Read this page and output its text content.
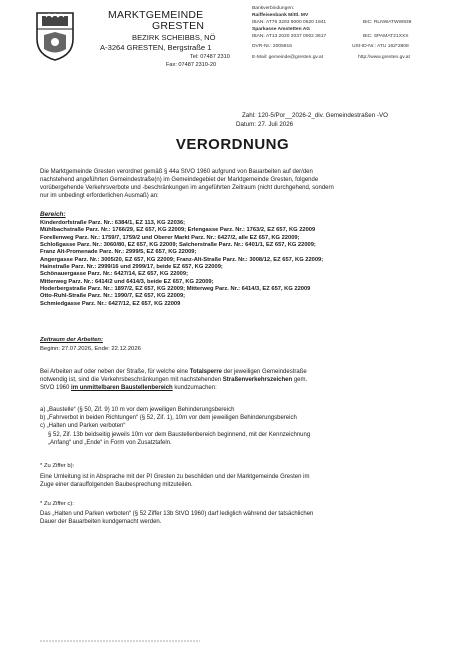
MARKTGEMEINDE
GRESTEN
BEZIRK SCHEIBBS, NÖ
A-3264 GRESTEN, Bergstraße 1
Tel: 07487 2310
Fax: 07487 2310-20
Bankverbindungen:
Raiffeisenbank Mittl. MV
IBAN: AT76 3293 9000 0620 1941	BIC: RLNWATWW939
Sparkasse Amstetten AG
IBAN: AT13 2020 2037 0002 3617	BIC: SPAMAT21XXX
DVR-Nr.: 2005816	USt-ID-Nr.: ATU 162*2808
E-Mail: gemeinde@gresten.gv.at	http://www.gresten.gv.at
Zahl: 120-5/Por__2026-2_div. Gemeindestraßen -VO
Datum: 27. Juli 2026
VERORDNUNG
Die Marktgemeinde Gresten verordnet gemäß § 44a StVO 1960 aufgrund von Bauarbeiten auf der/den
nachstehend angeführten Gemeindestraße(n) im Gemeindegebiet der Marktgemeinde Gresten, folgende
vorübergehende Verkehrsverbote und -beschränkungen im angeführten Zeitraum (nicht durchgehend, sondern
nur im unbedingt erforderlichen Ausmaß) an:
Bereich:
Kinderdorfstraße Parz. Nr.: 6384/1, EZ 113, KG 22036;
Mühlbachstraße Parz. Nr.: 1766/29, EZ 657, KG 22009; Erlengasse Parz. Nr.: 1763/2, EZ 657, KG 22009
Forellenweg Parz. Nr.: 1759/7, 1759/2 und Oberer Markt Parz. Nr.: 6427/2, alle EZ 657, KG 22009;
Schloßgasse Parz. Nr.: 3060/80, EZ 657, KG 22009; Salcherstraße Parz. Nr.: 6401/1, EZ 657, KG 22009;
Franz Alt-Promenade Parz. Nr.: 2999/5, EZ 657, KG 22009;
Angergasse Parz. Nr.: 3005/20, EZ 657, KG 22009; Franz-Alt-Straße Parz. Nr.: 3008/12, EZ 657, KG 22009;
Hainstraße Parz. Nr.: 2999/16 und 2999/17, beide EZ 657, KG 22009;
Schönauergasse Parz. Nr.: 6427/14, EZ 657, KG 22009;
Mitterweg Parz. Nr.: 6414/2 und 6414/3, beide EZ 657, KG 22009;
Hoderbergstraße Parz. Nr.: 1897/2, EZ 657, KG 22009; Mitterweg Parz. Nr.: 6414/3, EZ 657, KG 22009
Otto-Ruhl-Straße Parz. Nr.: 1990/7, EZ 657, KG 22009;
Schmiedgasse Parz. Nr.: 6427/12, EZ 657, KG 22009
Zeitraum der Arbeiten:
Beginn: 27.07.2026, Ende: 22.12.2026
Bei Arbeiten auf oder neben der Straße, für welche eine Totalsperre der jeweiligen Gemeindestraße
notwendig ist, sind die Verkehrsbeschränkungen mit nachstehenden Straßenverkehrszeichen gem.
StVO 1960 im unmittelbaren Baustellenbereich kundzumachen:
a) „Baustelle“ (§ 50, Zif. 9) 10 m vor dem jeweiligen Behinderungsbereich
b) „Fahrverbot in beiden Richtungen“ (§ 52, Zif. 1), 10m vor dem jeweiligen Behinderungsbereich
c) „Halten und Parken verboten“
§ 52, Zif. 13b beidseitig jeweils 10m vor dem Baustellenbereich beginnend, mit der Kennzeichnung
„Anfang“ und „Ende“ in Form von Zusatztafeln.
* Zu Ziffer b):
Eine Umleitung ist in Absprache mit der PI Gresten zu beschilden und der Marktgemeinde Gresten im
Zuge einer darauffolgenden Baubesprechung mitzuteilen.
* Zu Ziffer c):
Das „Halten und Parken verboten“ (§ 52 Ziffer 13b StVO 1960) darf lediglich während der tatsächlichen
Dauer der Bauarbeiten kundgemacht werden.
